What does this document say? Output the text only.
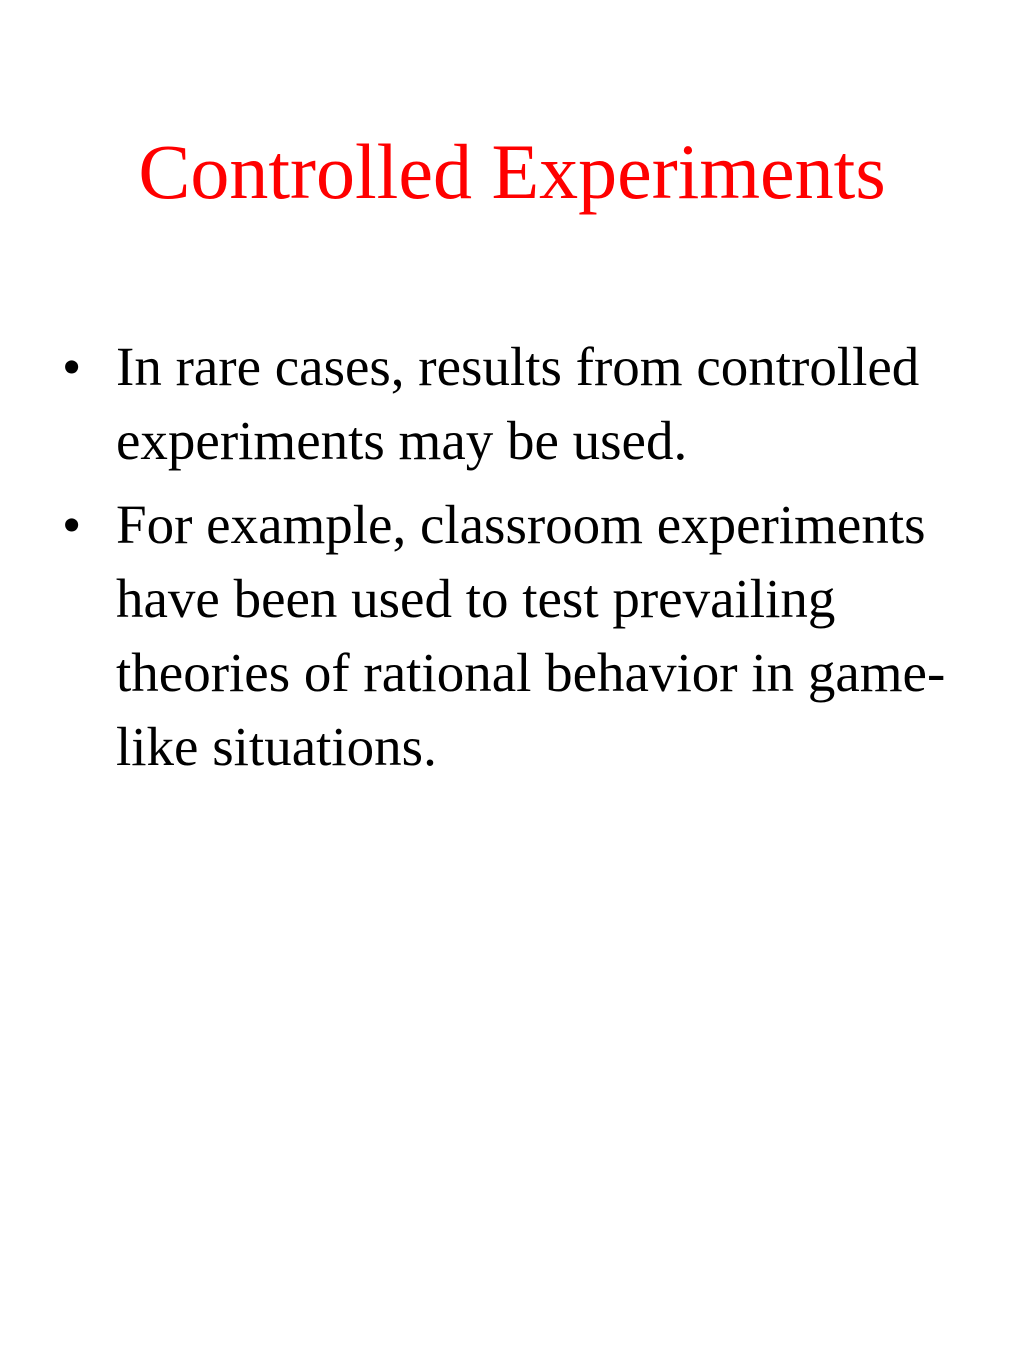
Controlled Experiments
• In rare cases, results from controlled experiments may be used.
• For example, classroom experiments have been used to test prevailing theories of rational behavior in game-like situations.
